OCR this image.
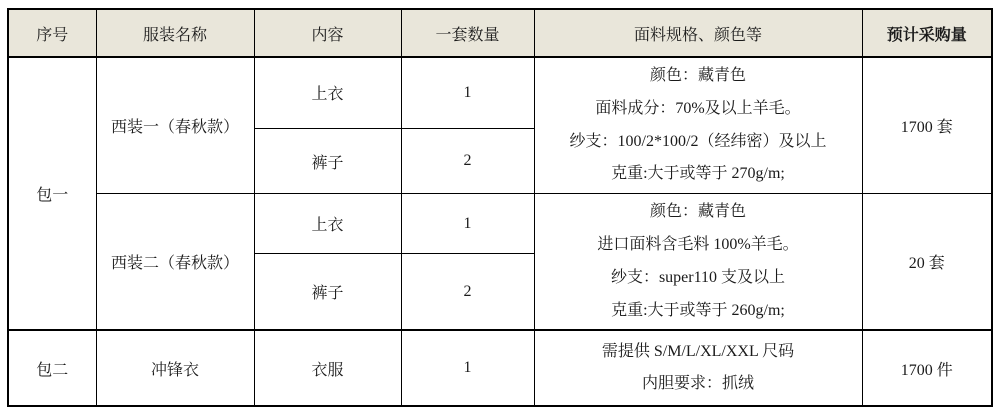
序号	服装名称	内容	一套数量	面料规格、颜色等	预计采购量
包一	西装一（春秋款）	上衣	1	颜色：藏青色
面料成分：70%及以上羊毛。
纱支：100/2*100/2（经纬密）及以上
克重:大于或等于 270g/m;	1700 套
		裤子	2		
	西装二（春秋款）	上衣	1	颜色：藏青色
进口面料含毛料 100%羊毛。
纱支：super110 支及以上
克重:大于或等于 260g/m;	20 套
		裤子	2		
包二	冲锋衣	衣服	1	需提供 S/M/L/XL/XXL 尺码
内胆要求：抓绒	1700 件
